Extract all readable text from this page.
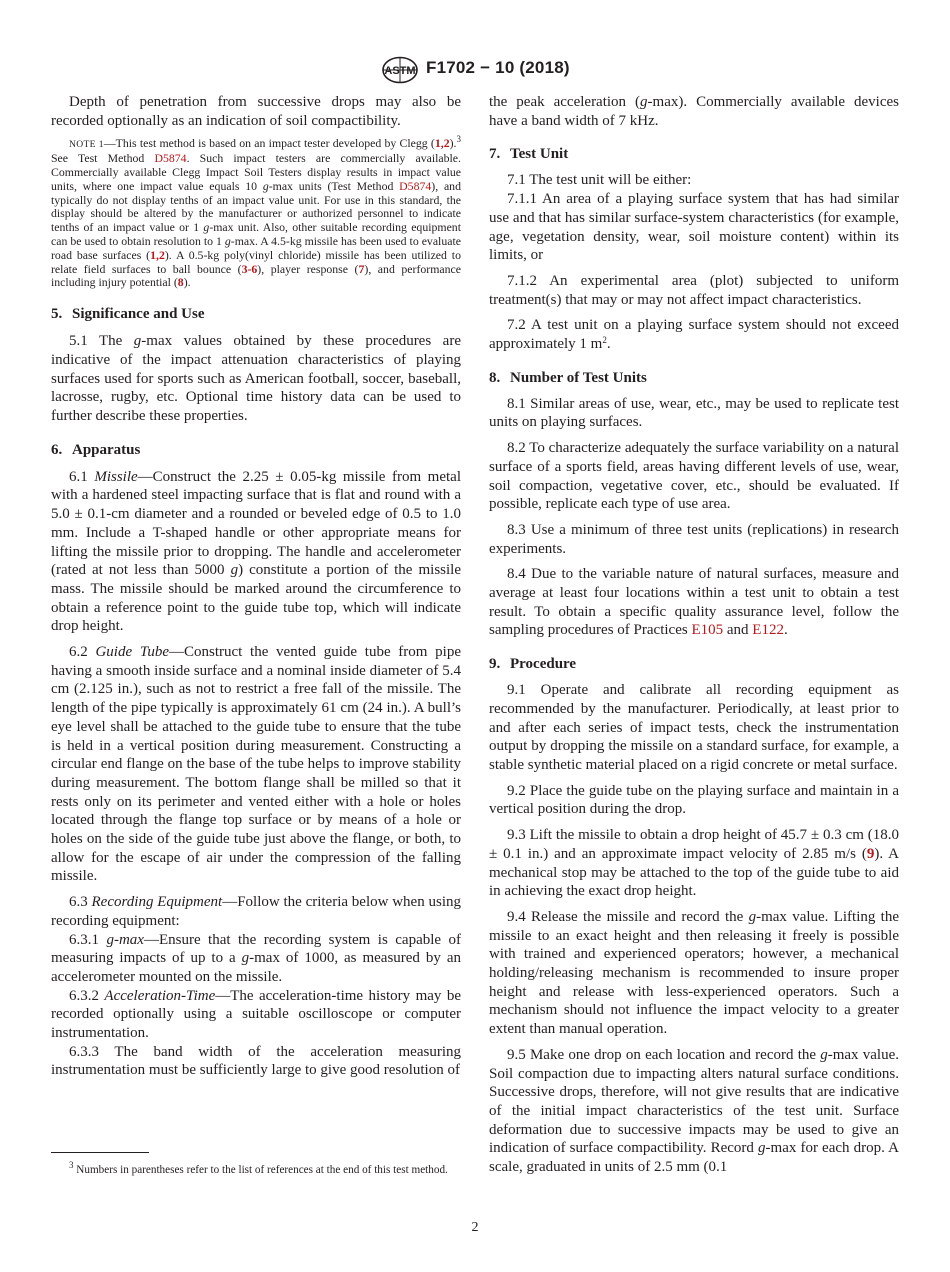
ASTM F1702 − 10 (2018)

Depth of penetration from successive drops may also be recorded optionally as an indication of soil compactibility.

NOTE 1—This test method is based on an impact tester developed by Clegg (1,2).$^3$ See Test Method D5874. Such impact testers are commercially available. Commercially available Clegg Impact Soil Testers display results in impact value units, where one impact value equals 10 g-max units (Test Method D5874), and typically do not display tenths of an impact value unit. For use in this standard, the display should be altered by the manufacturer or authorized personnel to indicate tenths of an impact value or 1 g-max unit. Also, other suitable recording equipment can be used to obtain resolution to 1 g-max. A 4.5-kg missile has been used to evaluate road base surfaces (1,2). A 0.5-kg poly(vinyl chloride) missile has been utilized to relate field surfaces to ball bounce (3-6), player response (7), and performance including injury potential (8).

5. Significance and Use

5.1 The g-max values obtained by these procedures are indicative of the impact attenuation characteristics of playing surfaces used for sports such as American football, soccer, baseball, lacrosse, rugby, etc. Optional time history data can be used to further describe these properties.

6. Apparatus

6.1 Missile—Construct the 2.25 ± 0.05-kg missile from metal with a hardened steel impacting surface that is flat and round with a 5.0 ± 0.1-cm diameter and a rounded or beveled edge of 0.5 to 1.0 mm. Include a T-shaped handle or other appropriate means for lifting the missile prior to dropping. The handle and accelerometer (rated at not less than 5000 g) constitute a portion of the missile mass. The missile should be marked around the circumference to obtain a reference point to the guide tube top, which will indicate drop height.

6.2 Guide Tube—Construct the vented guide tube from pipe having a smooth inside surface and a nominal inside diameter of 5.4 cm (2.125 in.), such as not to restrict a free fall of the missile. The length of the pipe typically is approximately 61 cm (24 in.). A bull’s eye level shall be attached to the guide tube to ensure that the tube is held in a vertical position during measurement. Constructing a circular end flange on the base of the tube helps to improve stability during measurement. The bottom flange shall be milled so that it rests only on its perimeter and vented either with a hole or holes located through the flange top surface or by means of a hole or holes on the side of the guide tube just above the flange, or both, to allow for the escape of air under the compression of the falling missile.

6.3 Recording Equipment—Follow the criteria below when using recording equipment:

6.3.1 g-max—Ensure that the recording system is capable of measuring impacts of up to a g-max of 1000, as measured by an accelerometer mounted on the missile.

6.3.2 Acceleration-Time—The acceleration-time history may be recorded optionally using a suitable oscilloscope or computer instrumentation.

6.3.3 The band width of the acceleration measuring instrumentation must be sufficiently large to give good resolution of

the peak acceleration (g-max). Commercially available devices have a band width of 7 kHz.

7. Test Unit

7.1 The test unit will be either:

7.1.1 An area of a playing surface system that has had similar use and that has similar surface-system characteristics (for example, age, vegetation density, wear, soil moisture content) within its limits, or

7.1.2 An experimental area (plot) subjected to uniform treatment(s) that may or may not affect impact characteristics.

7.2 A test unit on a playing surface system should not exceed approximately 1 $m^2$.

8. Number of Test Units

8.1 Similar areas of use, wear, etc., may be used to replicate test units on playing surfaces.

8.2 To characterize adequately the surface variability on a natural surface of a sports field, areas having different levels of use, wear, soil compaction, vegetative cover, etc., should be evaluated. If possible, replicate each type of use area.

8.3 Use a minimum of three test units (replications) in research experiments.

8.4 Due to the variable nature of natural surfaces, measure and average at least four locations within a test unit to obtain a test result. To obtain a specific quality assurance level, follow the sampling procedures of Practices E105 and E122.

9. Procedure

9.1 Operate and calibrate all recording equipment as recommended by the manufacturer. Periodically, at least prior to and after each series of impact tests, check the instrumentation output by dropping the missile on a standard surface, for example, a stable synthetic material placed on a rigid concrete or metal surface.

9.2 Place the guide tube on the playing surface and maintain in a vertical position during the drop.

9.3 Lift the missile to obtain a drop height of 45.7 ± 0.3 cm (18.0 ± 0.1 in.) and an approximate impact velocity of 2.85 m/s (9). A mechanical stop may be attached to the top of the guide tube to aid in achieving the exact drop height.

9.4 Release the missile and record the g-max value. Lifting the missile to an exact height and then releasing it freely is possible with trained and experienced operators; however, a mechanical holding/releasing mechanism is recommended to insure proper height and release with less-experienced operators. Such a mechanism should not influence the impact velocity to a greater extent than manual operation.

9.5 Make one drop on each location and record the g-max value. Soil compaction due to impacting alters natural surface conditions. Successive drops, therefore, will not give results that are indicative of the initial impact characteristics of the test unit. Surface deformation due to successive impacts may be used to give an indication of surface compactibility. Record g-max for each drop. A scale, graduated in units of 2.5 mm (0.1

$^3$ Numbers in parentheses refer to the list of references at the end of this test method.
2
